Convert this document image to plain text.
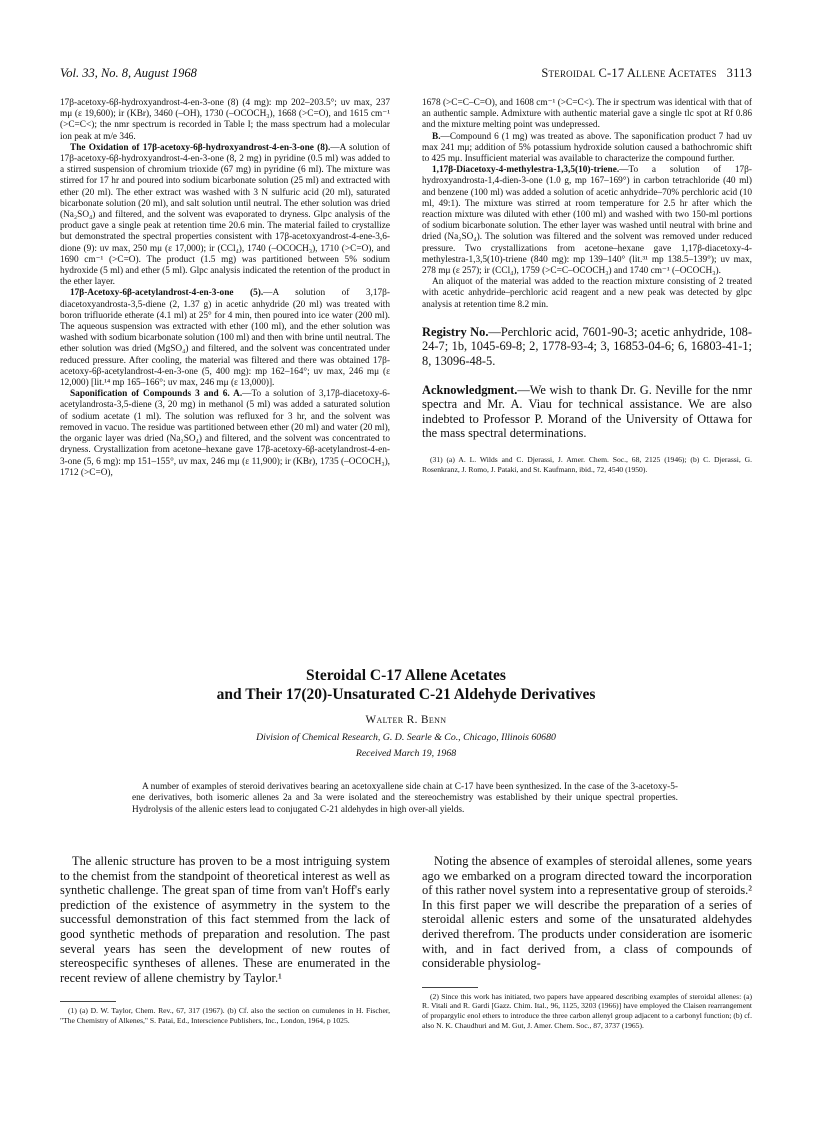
Vol. 33, No. 8, August 1968	Steroidal C-17 Allene Acetates 3113

17β-acetoxy-6β-hydroxyandrost-4-en-3-one (8) (4 mg): mp 202–203.5°; uv max, 237 mμ (ε 19,600); ir (KBr), 3460 (–OH), 1730 (–OCOCH₃), 1668 (>C=O), and 1615 cm⁻¹ (>C=C<); the nmr spectrum is recorded in Table I; the mass spectrum had a molecular ion peak at m/e 346.

The Oxidation of 17β-acetoxy-6β-hydroxyandrost-4-en-3-one (8).—A solution of 17β-acetoxy-6β-hydroxyandrost-4-en-3-one (8, 2 mg) in pyridine (0.5 ml) was added to a stirred suspension of chromium trioxide (67 mg) in pyridine (6 ml). The mixture was stirred for 17 hr and poured into sodium bicarbonate solution (25 ml) and extracted with ether (20 ml). The ether extract was washed with 3 N sulfuric acid (20 ml), saturated bicarbonate solution (20 ml), and salt solution until neutral. The ether solution was dried (Na₂SO₄) and filtered, and the solvent was evaporated to dryness. Glpc analysis of the product gave a single peak at retention time 20.6 min. The material failed to crystallize but demonstrated the spectral properties consistent with 17β-acetoxyandrost-4-ene-3,6-dione (9): uv max, 250 mμ (ε 17,000); ir (CCl₄), 1740 (–OCOCH₃), 1710 (>C=O), and 1690 cm⁻¹ (>C=O). The product (1.5 mg) was partitioned between 5% sodium hydroxide (5 ml) and ether (5 ml). Glpc analysis indicated the retention of the product in the ether layer.

17β-Acetoxy-6β-acetylandrost-4-en-3-one (5).—A solution of 3,17β-diacetoxyandrosta-3,5-diene (2, 1.37 g) in acetic anhydride (20 ml) was treated with boron trifluoride etherate (4.1 ml) at 25° for 4 min, then poured into ice water (200 ml). The aqueous suspension was extracted with ether (100 ml), and the ether solution was washed with sodium bicarbonate solution (100 ml) and then with brine until neutral. The ether solution was dried (MgSO₄) and filtered, and the solvent was concentrated under reduced pressure. After cooling, the material was filtered and there was obtained 17β-acetoxy-6β-acetylandrost-4-en-3-one (5, 400 mg): mp 162–164°; uv max, 246 mμ (ε 12,000) [lit.¹⁴ mp 165–166°; uv max, 246 mμ (ε 13,000)].

Saponification of Compounds 3 and 6. A.—To a solution of 3,17β-diacetoxy-6-acetylandrosta-3,5-diene (3, 20 mg) in methanol (5 ml) was added a saturated solution of sodium acetate (1 ml). The solution was refluxed for 3 hr, and the solvent was removed in vacuo. The residue was partitioned between ether (20 ml) and water (20 ml), the organic layer was dried (Na₂SO₄) and filtered, and the solvent was concentrated to dryness. Crystallization from acetone–hexane gave 17β-acetoxy-6β-acetylandrost-4-en-3-one (5, 6 mg): mp 151–155°, uv max, 246 mμ (ε 11,900); ir (KBr), 1735 (–OCOCH₃), 1712 (>C=O),

1678 (>C=C–C=O), and 1608 cm⁻¹ (>C=C<). The ir spectrum was identical with that of an authentic sample. Admixture with authentic material gave a single tlc spot at Rf 0.86 and the mixture melting point was undepressed.

B.—Compound 6 (1 mg) was treated as above. The saponification product 7 had uv max 241 mμ; addition of 5% potassium hydroxide solution caused a bathochromic shift to 425 mμ. Insufficient material was available to characterize the compound further.

1,17β-Diacetoxy-4-methylestra-1,3,5(10)-triene.—To a solution of 17β-hydroxyandrosta-1,4-dien-3-one (1.0 g, mp 167–169°) in carbon tetrachloride (40 ml) and benzene (100 ml) was added a solution of acetic anhydride–70% perchloric acid (10 ml, 49:1). The mixture was stirred at room temperature for 2.5 hr after which the reaction mixture was diluted with ether (100 ml) and washed with two 150-ml portions of sodium bicarbonate solution. The ether layer was washed until neutral with brine and dried (Na₂SO₄). The solution was filtered and the solvent was removed under reduced pressure. Two crystallizations from acetone–hexane gave 1,17β-diacetoxy-4-methylestra-1,3,5(10)-triene (840 mg): mp 139–140° (lit.³¹ mp 138.5–139°); uv max, 278 mμ (ε 257); ir (CCl₄), 1759 (>C=C–OCOCH₃) and 1740 cm⁻¹ (–OCOCH₃).

An aliquot of the material was added to the reaction mixture consisting of 2 treated with acetic anhydride–perchloric acid reagent and a new peak was detected by glpc analysis at retention time 8.2 min.

Registry No.—Perchloric acid, 7601-90-3; acetic anhydride, 108-24-7; 1b, 1045-69-8; 2, 1778-93-4; 3, 16853-04-6; 6, 16803-41-1; 8, 13096-48-5.

Acknowledgment.—We wish to thank Dr. G. Neville for the nmr spectra and Mr. A. Viau for technical assistance. We are also indebted to Professor P. Morand of the University of Ottawa for the mass spectral determinations.

(31) (a) A. L. Wilds and C. Djerassi, J. Amer. Chem. Soc., 68, 2125 (1946); (b) C. Djerassi, G. Rosenkranz, J. Romo, J. Pataki, and St. Kaufmann, ibid., 72, 4540 (1950).

Steroidal C-17 Allene Acetates
and Their 17(20)-Unsaturated C-21 Aldehyde Derivatives
Walter R. Benn
Division of Chemical Research, G. D. Searle & Co., Chicago, Illinois 60680
Received March 19, 1968
A number of examples of steroid derivatives bearing an acetoxyallene side chain at C-17 have been synthesized. In the case of the 3-acetoxy-5-ene derivatives, both isomeric allenes 2a and 3a were isolated and the stereochemistry was established by their unique spectral properties. Hydrolysis of the allenic esters lead to conjugated C-21 aldehydes in high over-all yields.

The allenic structure has proven to be a most intriguing system to the chemist from the standpoint of theoretical interest as well as synthetic challenge. The great span of time from van't Hoff's early prediction of the existence of asymmetry in the system to the successful demonstration of this fact stemmed from the lack of good synthetic methods of preparation and resolution. The past several years has seen the development of new routes of stereospecific syntheses of allenes. These are enumerated in the recent review of allene chemistry by Taylor.¹

(1) (a) D. W. Taylor, Chem. Rev., 67, 317 (1967). (b) Cf. also the section on cumulenes in H. Fischer, "The Chemistry of Alkenes," S. Patai, Ed., Interscience Publishers, Inc., London, 1964, p 1025.

Noting the absence of examples of steroidal allenes, some years ago we embarked on a program directed toward the incorporation of this rather novel system into a representative group of steroids.² In this first paper we will describe the preparation of a series of steroidal allenic esters and some of the unsaturated aldehydes derived therefrom. The products under consideration are isomeric with, and in fact derived from, a class of compounds of considerable physiolog-

(2) Since this work has initiated, two papers have appeared describing examples of steroidal allenes: (a) R. Vitali and R. Gardi [Gazz. Chim. Ital., 96, 1125, 3203 (1966)] have employed the Claisen rearrangement of propargylic enol ethers to introduce the three carbon allenyl group adjacent to a carbonyl function; (b) cf. also N. K. Chaudhuri and M. Gut, J. Amer. Chem. Soc., 87, 3737 (1965).
